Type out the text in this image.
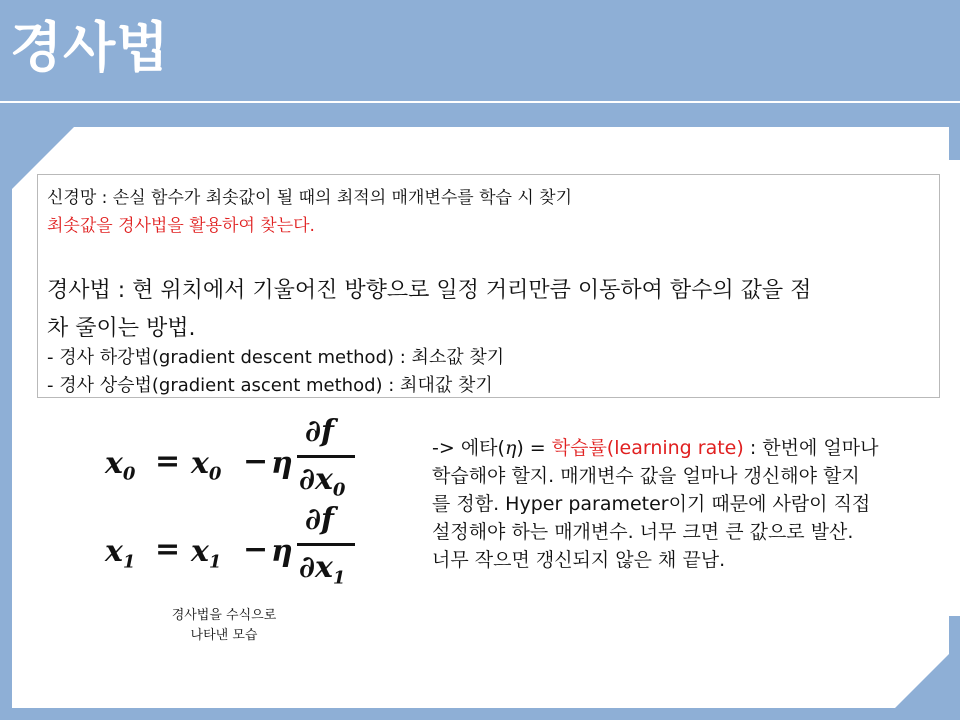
경사법
신경망 : 손실 함수가 최솟값이 될 때의 최적의 매개변수를 학습 시 찾기
최솟값을 경사법을 활용하여 찾는다.
경사법 : 현 위치에서 기울어진 방향으로 일정 거리만큼 이동하여 함수의 값을 점
차 줄이는 방법.
- 경사 하강법(gradient descent method) : 최소값 찾기
- 경사 상승법(gradient ascent method) : 최대값 찾기
$x_0 = x_0 - \eta$
∂f
$\partial x_0$
$x_1 = x_1 - \eta$
∂f
$\partial x_1$
경사법을 수식으로
나타낸 모습
-> 에타(η) = 학습률(learning rate) : 한번에 얼마나
학습해야 할지. 매개변수 값을 얼마나 갱신해야 할지
를 정함. Hyper parameter이기 때문에 사람이 직접
설정해야 하는 매개변수. 너무 크면 큰 값으로 발산.
너무 작으면 갱신되지 않은 채 끝남.
